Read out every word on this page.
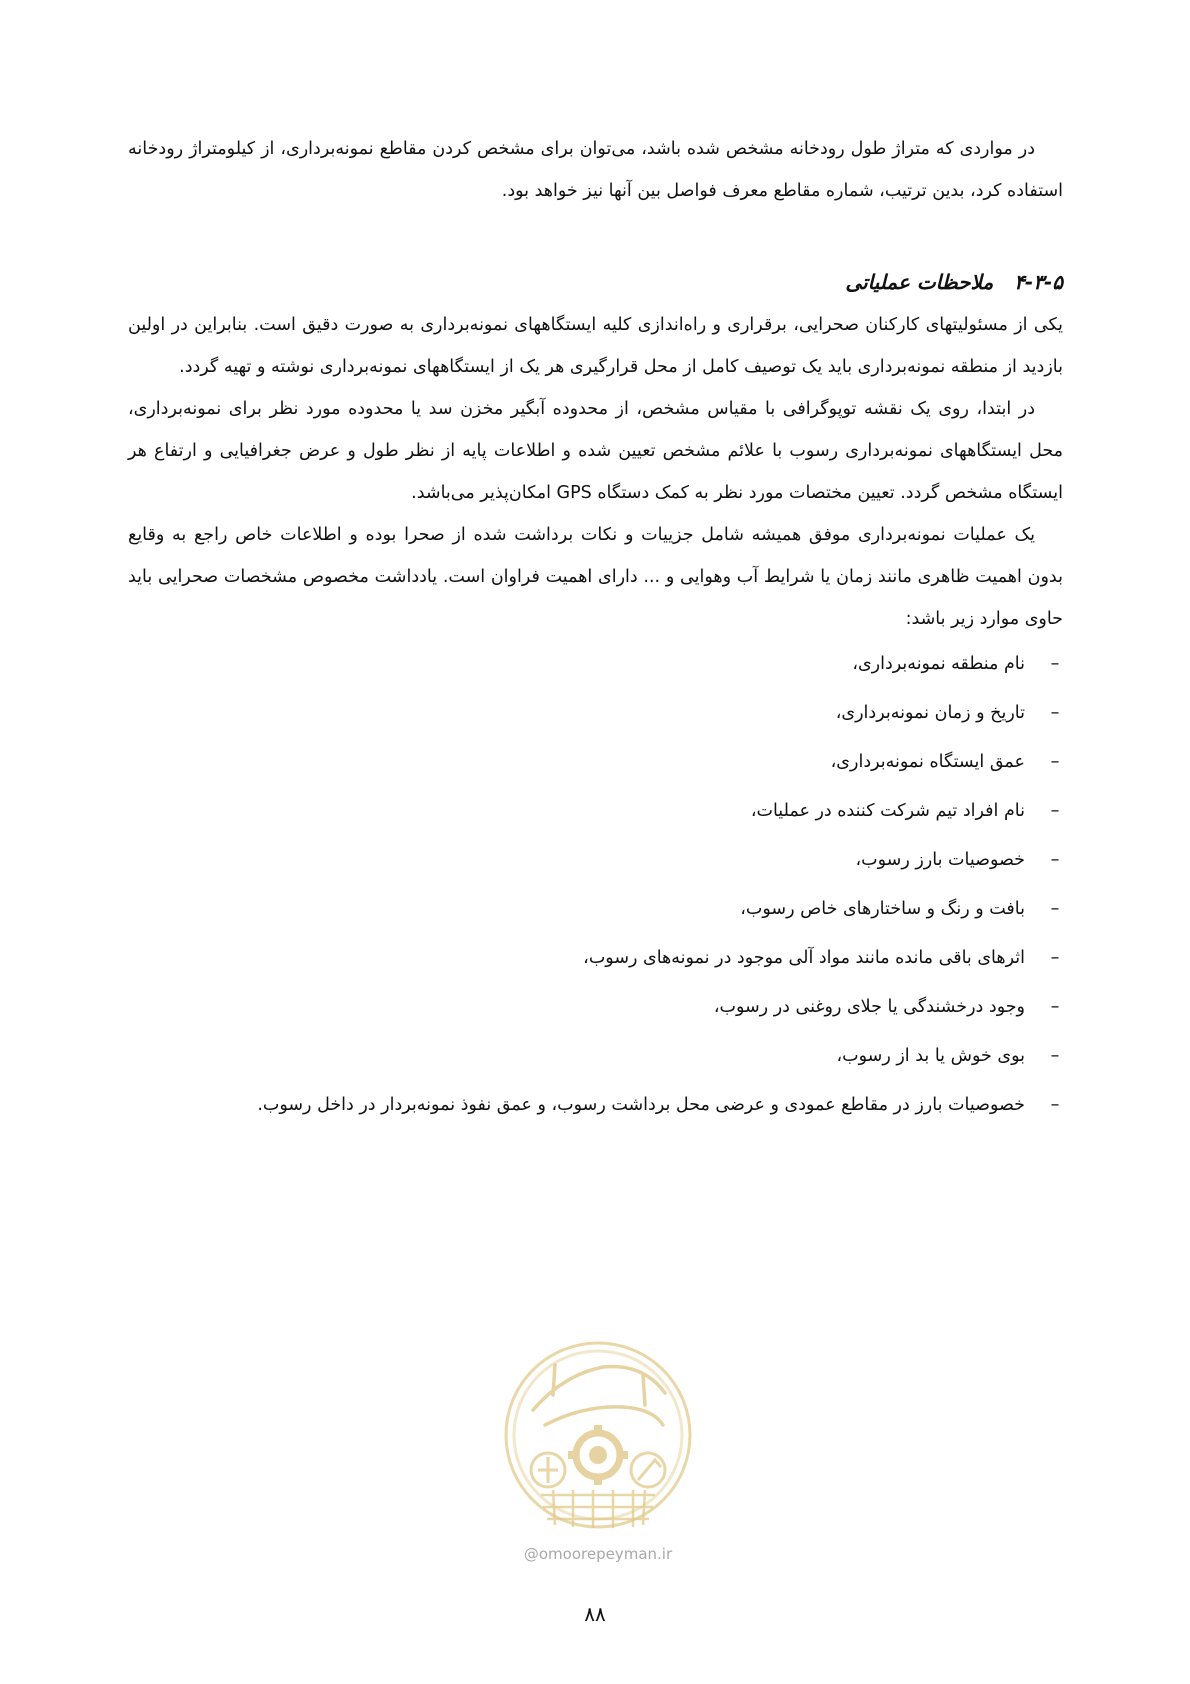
در مواردی که متراژ طول رودخانه مشخص شده باشد، می‌توان برای مشخص کردن مقاطع نمونه‌برداری، از کیلومتراژ رودخانه استفاده کرد، بدین ترتیب، شماره مقاطع معرف فواصل بین آنها نیز خواهد بود.

۴-۳-۵ ملاحظات عملیاتی

یکی از مسئولیتهای کارکنان صحرایی، برقراری و راه‌اندازی کلیه ایستگاههای نمونه‌برداری به صورت دقیق است. بنابراین در اولین بازدید از منطقه نمونه‌برداری باید یک توصیف کامل از محل قرارگیری هر یک از ایستگاههای نمونه‌برداری نوشته و تهیه گردد.

در ابتدا، روی یک نقشه توپوگرافی با مقیاس مشخص، از محدوده آبگیر مخزن سد یا محدوده مورد نظر برای نمونه‌برداری، محل ایستگاههای نمونه‌برداری رسوب با علائم مشخص تعیین شده و اطلاعات پایه از نظر طول و عرض جغرافیایی و ارتفاع هر ایستگاه مشخص گردد. تعیین مختصات مورد نظر به کمک دستگاه GPS امکان‌پذیر می‌باشد.

یک عملیات نمونه‌برداری موفق همیشه شامل جزییات و نکات برداشت شده از صحرا بوده و اطلاعات خاص راجع به وقایع بدون اهمیت ظاهری مانند زمان یا شرایط آب وهوایی و ... دارای اهمیت فراوان است. یادداشت مخصوص مشخصات صحرایی باید حاوی موارد زیر باشد:

–
نام منطقه نمونه‌برداری،
–
تاریخ و زمان نمونه‌برداری،
–
عمق ایستگاه نمونه‌برداری،
–
نام افراد تیم شرکت کننده در عملیات،
–
خصوصیات بارز رسوب،
–
بافت و رنگ و ساختارهای خاص رسوب،
–
اثرهای باقی مانده مانند مواد آلی موجود در نمونه‌های رسوب،
–
وجود درخشندگی یا جلای روغنی در رسوب،
–
بوی خوش یا بد از رسوب،
–
خصوصیات بارز در مقاطع عمودی و عرضی محل برداشت رسوب، و عمق نفوذ نمونه‌بردار در داخل رسوب.
@omoorepeyman.ir
۸۸
